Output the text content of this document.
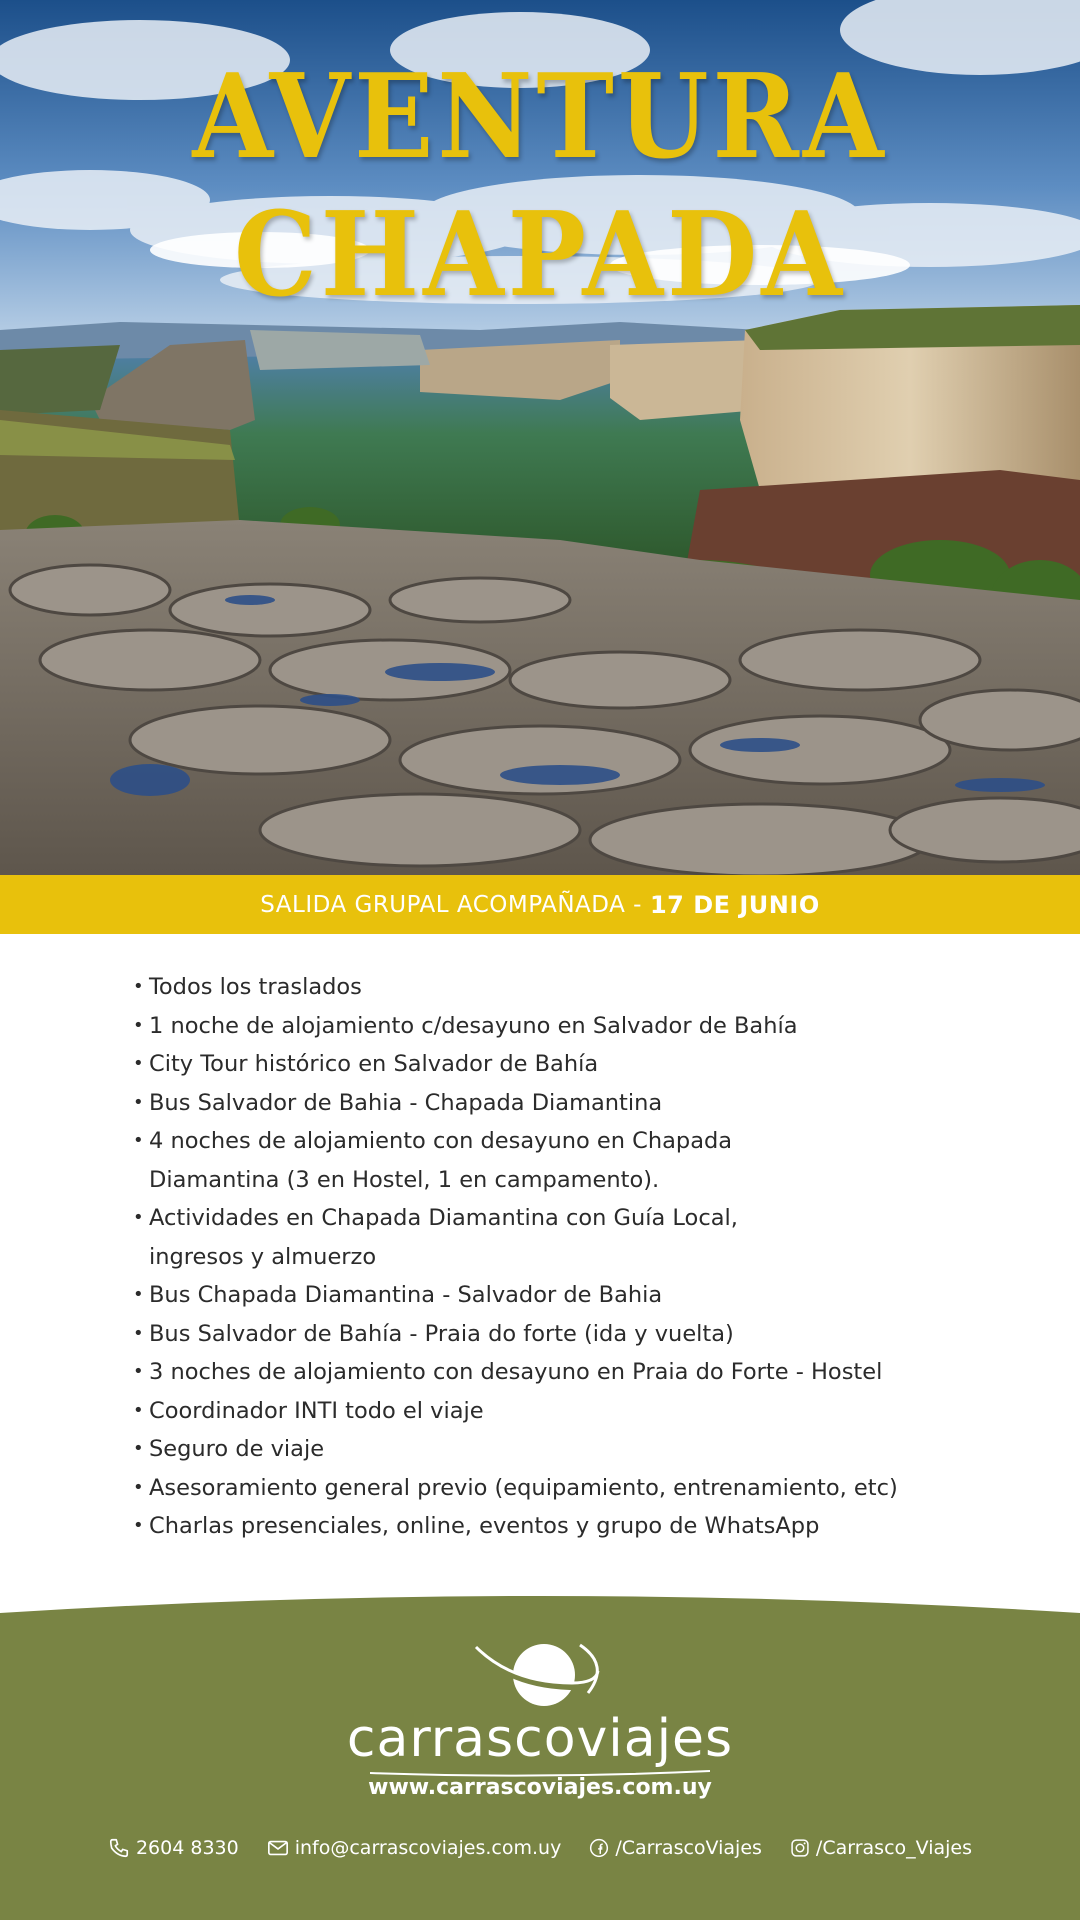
AVENTURA CHAPADA
SALIDA GRUPAL ACOMPAÑADA - 17 DE JUNIO
• Todos los traslados
• 1 noche de alojamiento c/desayuno en Salvador de Bahía
• City Tour histórico en Salvador de Bahía
• Bus Salvador de Bahia - Chapada Diamantina
• 4 noches de alojamiento con desayuno en Chapada Diamantina (3 en Hostel, 1 en campamento).
• Actividades en Chapada Diamantina con Guía Local, ingresos y almuerzo
• Bus Chapada Diamantina - Salvador de Bahia
• Bus Salvador de Bahía - Praia do forte (ida y vuelta)
• 3 noches de alojamiento con desayuno en Praia do Forte - Hostel
• Coordinador INTI todo el viaje
• Seguro de viaje
• Asesoramiento general previo (equipamiento, entrenamiento, etc)
• Charlas presenciales, online, eventos y grupo de WhatsApp
carrascoviajes
www.carrascoviajes.com.uy
2604 8330	info@carrascoviajes.com.uy	/CarrascoViajes	/Carrasco_Viajes
